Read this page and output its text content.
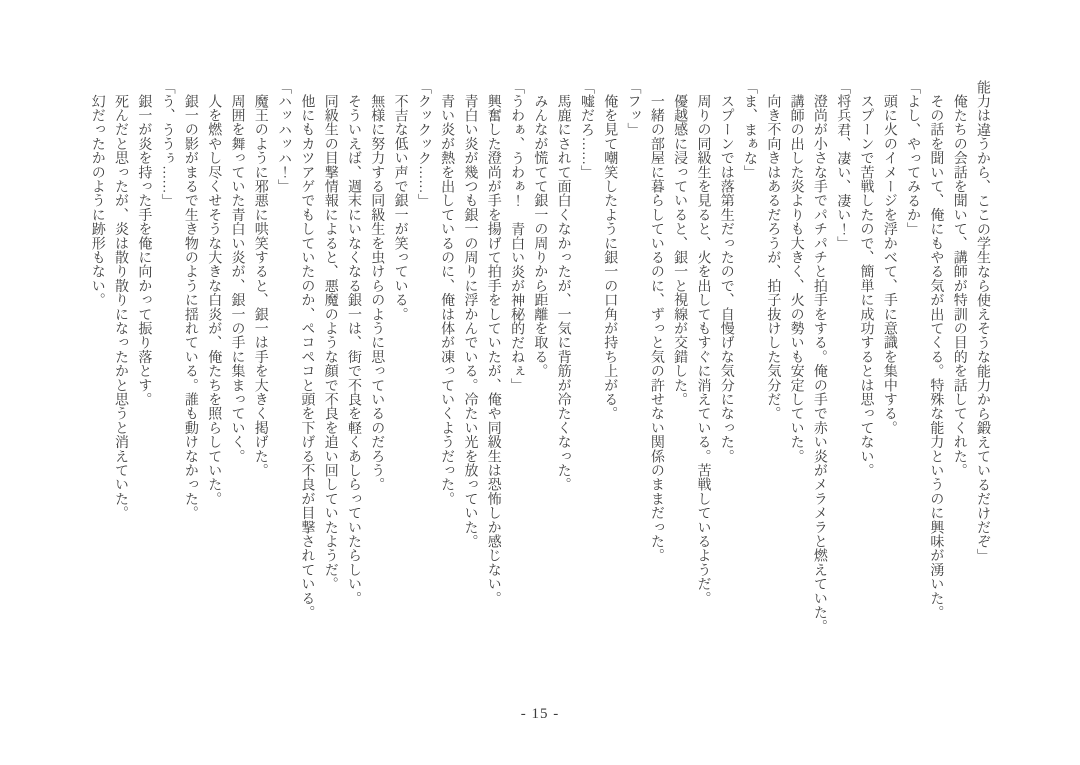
能力は違うから、ここの学生なら使えそうな能力から鍛えているだけだぞ」

俺たちの会話を聞いて、講師が特訓の目的を話してくれた。

その話を聞いて、俺にもやる気が出てくる。特殊な能力というのに興味が湧いた。

「よし、やってみるか」

頭に火のイメージを浮かべて、手に意識を集中する。

スプーンで苦戦したので、簡単に成功するとは思ってない。

「将兵君、凄い、凄い！」

澄尚が小さな手でパチパチと拍手をする。俺の手で赤い炎がメラメラと燃えていた。

講師の出した炎よりも大きく、火の勢いも安定していた。

向き不向きはあるだろうが、拍子抜けした気分だ。

「ま、まぁな」

スプーンでは落第生だったので、自慢げな気分になった。

周りの同級生を見ると、火を出してもすぐに消えている。苦戦しているようだ。

優越感に浸っていると、銀一と視線が交錯した。

一緒の部屋に暮らしているのに、ずっと気の許せない関係のままだった。

「フッ」

俺を見て嘲笑したように銀一の口角が持ち上がる。

「嘘だろ……」

馬鹿にされて面白くなかったが、一気に背筋が冷たくなった。

みんなが慌てて銀一の周りから距離を取る。

「うわぁ、うわぁ！　青白い炎が神秘的だねぇ」

興奮した澄尚が手を揚げて拍手をしていたが、俺や同級生は恐怖しか感じない。

青白い炎が幾つも銀一の周りに浮かんでいる。冷たい光を放っていた。

青い炎が熱を出しているのに、俺は体が凍っていくようだった。

「クックック……」

不吉な低い声で銀一が笑っている。

無様に努力する同級生を虫けらのように思っているのだろう。

そういえば、週末にいなくなる銀一は、街で不良を軽くあしらっていたらしい。

同級生の目撃情報によると、悪魔のような顔で不良を追い回していたようだ。

他にもカツアゲでもしていたのか、ペコペコと頭を下げる不良が目撃されている。

「ハッハッハ！」

魔王のように邪悪に哄笑すると、銀一は手を大きく掲げた。

周囲を舞っていた青白い炎が、銀一の手に集まっていく。

人を燃やし尽くせそうな大きな白炎が、俺たちを照らしていた。

銀一の影がまるで生き物のように揺れている。誰も動けなかった。

「う、ううぅ……」

銀一が炎を持った手を俺に向かって振り落とす。

死んだと思ったが、炎は散り散りになったかと思うと消えていた。

幻だったかのように跡形もない。

- 15 -
